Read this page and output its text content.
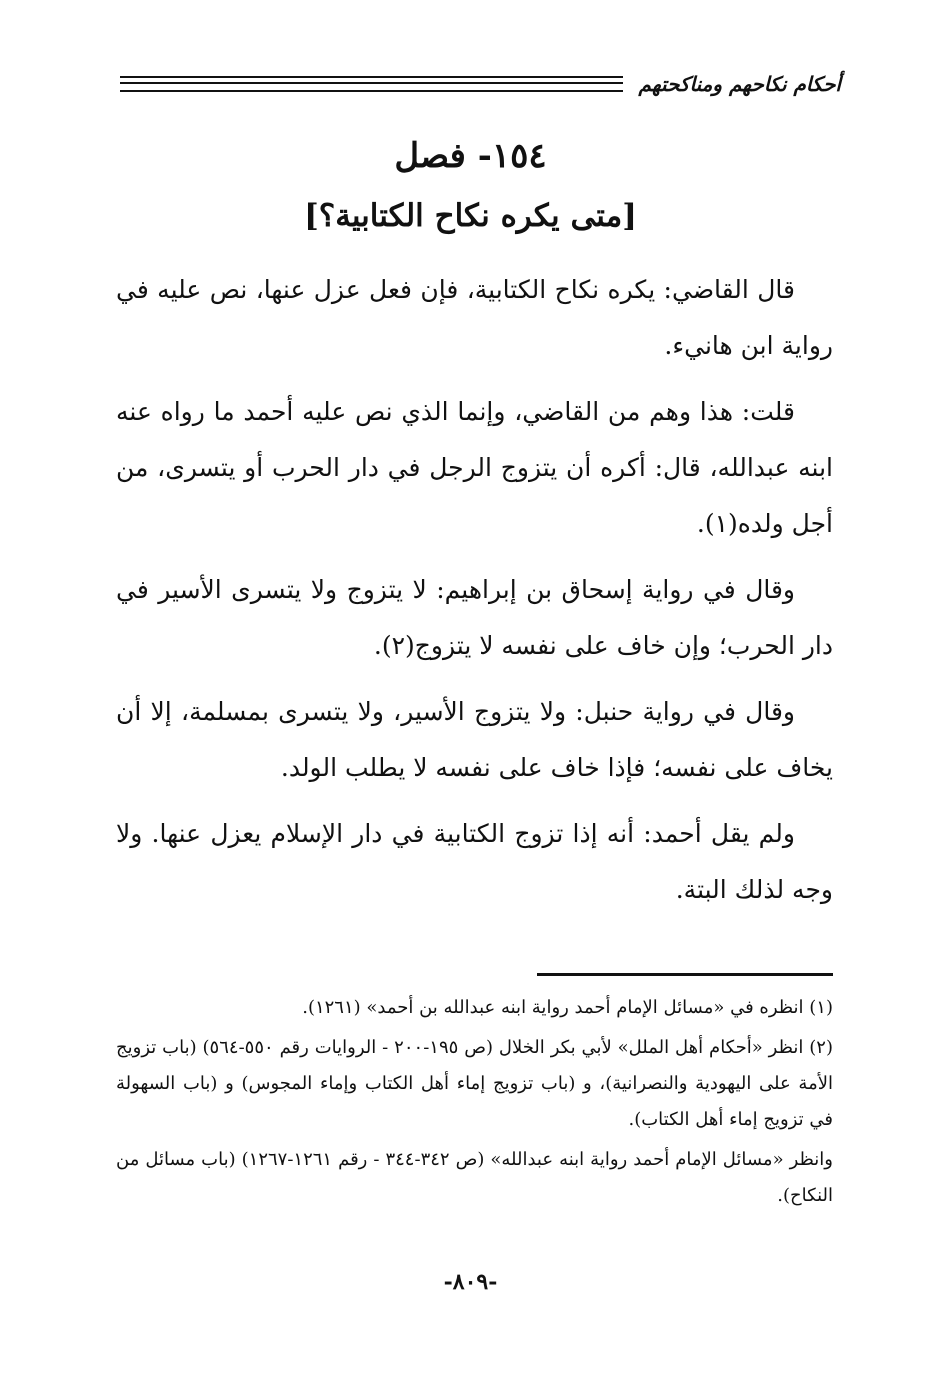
أحكام نكاحهم ومناكحتهم
١٥٤- فصل
[متى يكره نكاح الكتابية؟]

قال القاضي: يكره نكاح الكتابية، فإن فعل عزل عنها، نص عليه في رواية ابن هانيء.

قلت: هذا وهم من القاضي، وإنما الذي نص عليه أحمد ما رواه عنه ابنه عبدالله، قال: أكره أن يتزوج الرجل في دار الحرب أو يتسرى، من أجل ولده(١).

وقال في رواية إسحاق بن إبراهيم: لا يتزوج ولا يتسرى الأسير في دار الحرب؛ وإن خاف على نفسه لا يتزوج(٢).

وقال في رواية حنبل: ولا يتزوج الأسير، ولا يتسرى بمسلمة، إلا أن يخاف على نفسه؛ فإذا خاف على نفسه لا يطلب الولد.

ولم يقل أحمد: أنه إذا تزوج الكتابية في دار الإسلام يعزل عنها. ولا وجه لذلك البتة.

(١) انظره في «مسائل الإمام أحمد رواية ابنه عبدالله بن أحمد» (١٢٦١).

(٢) انظر «أحكام أهل الملل» لأبي بكر الخلال (ص ١٩٥-٢٠٠ - الروايات رقم ٥٥٠-٥٦٤) (باب تزويج الأمة على اليهودية والنصرانية)، و (باب تزويج إماء أهل الكتاب وإماء المجوس) و (باب السهولة في تزويج إماء أهل الكتاب).

وانظر «مسائل الإمام أحمد رواية ابنه عبدالله» (ص ٣٤٢-٣٤٤ - رقم ١٢٦١-١٢٦٧) (باب مسائل من النكاح).

-٨٠٩-
